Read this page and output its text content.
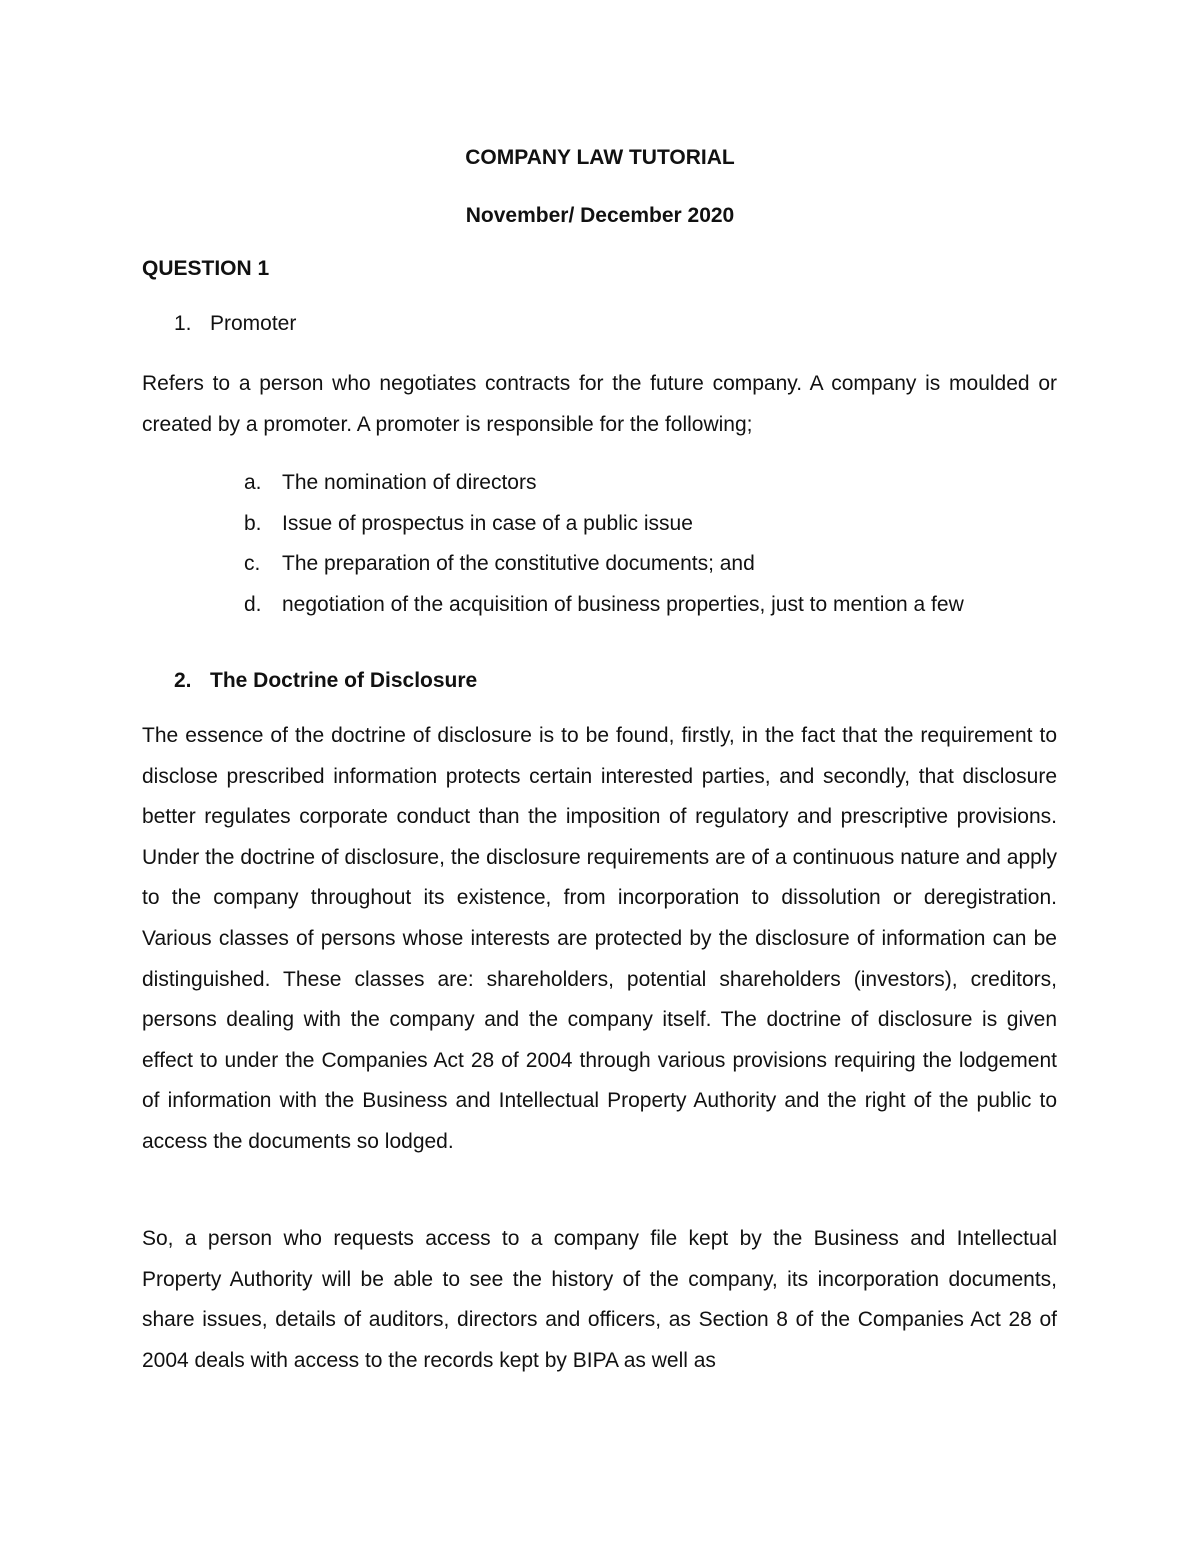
COMPANY LAW TUTORIAL
November/ December 2020
QUESTION 1
1. Promoter

Refers to a person who negotiates contracts for the future company. A company is moulded or created by a promoter. A promoter is responsible for the following;

a. The nomination of directors
b. Issue of prospectus in case of a public issue
c. The preparation of the constitutive documents; and
d. negotiation of the acquisition of business properties, just to mention a few
2. The Doctrine of Disclosure

The essence of the doctrine of disclosure is to be found, firstly, in the fact that the requirement to disclose prescribed information protects certain interested parties, and secondly, that disclosure better regulates corporate conduct than the imposition of regulatory and prescriptive provisions. Under the doctrine of disclosure, the disclosure requirements are of a continuous nature and apply to the company throughout its existence, from incorporation to dissolution or deregistration. Various classes of persons whose interests are protected by the disclosure of information can be distinguished. These classes are: shareholders, potential shareholders (investors), creditors, persons dealing with the company and the company itself. The doctrine of disclosure is given effect to under the Companies Act 28 of 2004 through various provisions requiring the lodgement of information with the Business and Intellectual Property Authority and the right of the public to access the documents so lodged.

So, a person who requests access to a company file kept by the Business and Intellectual Property Authority will be able to see the history of the company, its incorporation documents, share issues, details of auditors, directors and officers, as Section 8 of the Companies Act 28 of 2004 deals with access to the records kept by BIPA as well as
